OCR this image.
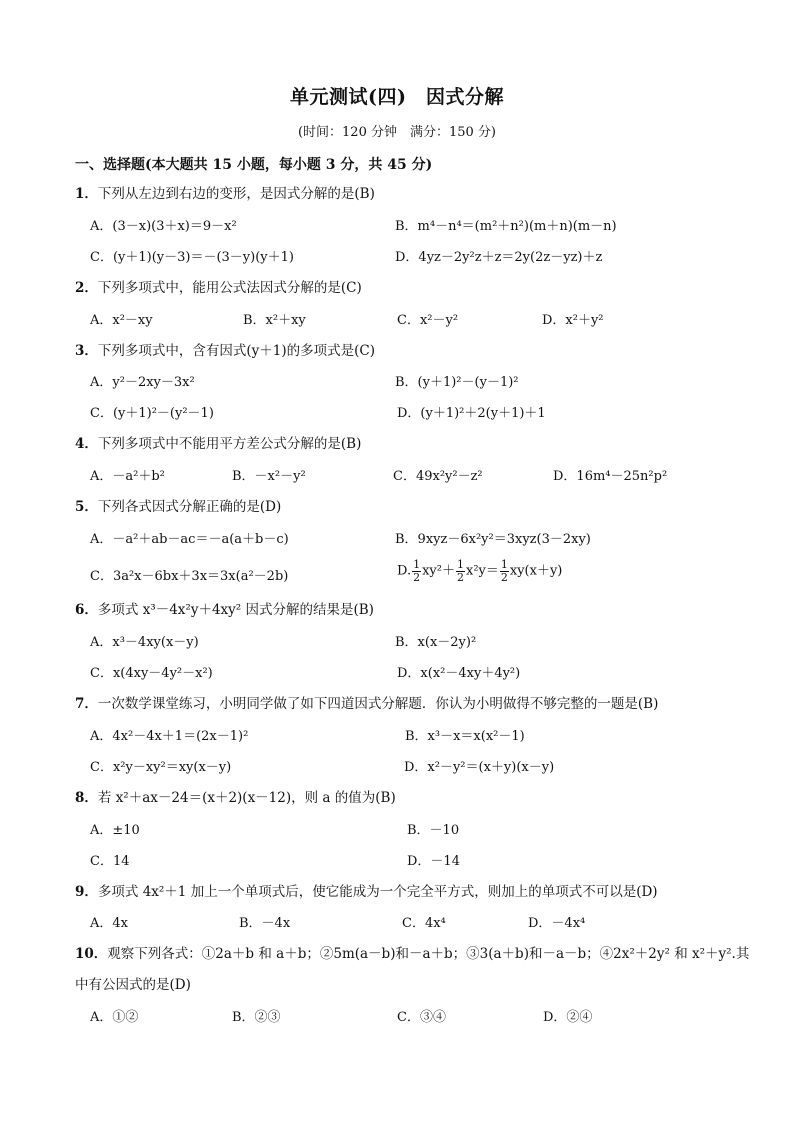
单元测试(四)　因式分解
(时间：120 分钟　满分：150 分)
一、选择题(本大题共 15 小题，每小题 3 分，共 45 分)
1．下列从左边到右边的变形，是因式分解的是(B)
A．(3－x)(3＋x)＝9－x²	B．m⁴－n⁴＝(m²＋n²)(m＋n)(m－n)
C．(y＋1)(y－3)＝－(3－y)(y＋1)	D．4yz－2y²z＋z＝2y(2z－yz)＋z
2．下列多项式中，能用公式法因式分解的是(C)
A．x²－xy	B．x²＋xy	C．x²－y²	D．x²＋y²
3．下列多项式中，含有因式(y＋1)的多项式是(C)
A．y²－2xy－3x²	B．(y＋1)²－(y－1)²
C．(y＋1)²－(y²－1)	D．(y＋1)²＋2(y＋1)＋1
4．下列多项式中不能用平方差公式分解的是(B)
A．－a²＋b²	B．－x²－y²	C．49x²y²－z²	D．16m⁴－25n²p²
5．下列各式因式分解正确的是(D)
A．－a²＋ab－ac＝－a(a＋b－c)	B．9xyz－6x²y²＝3xyz(3－2xy)
C．3a²x－6bx＋3x＝3x(a²－2b)	D. $\frac{1}{2} xy^2+ \frac{1}{2} x^2y= \frac{1}{2} xy(x+y)$
6．多项式 x³－4x²y＋4xy² 因式分解的结果是(B)
A．x³－4xy(x－y)	B．x(x－2y)²
C．x(4xy－4y²－x²)	D．x(x²－4xy＋4y²)
7．一次数学课堂练习，小明同学做了如下四道因式分解题．你认为小明做得不够完整的一题是(B)
A．4x²－4x＋1＝(2x－1)²	B．x³－x＝x(x²－1)
C．x²y－xy²＝xy(x－y)	D．x²－y²＝(x＋y)(x－y)
8．若 x²＋ax－24＝(x＋2)(x－12)，则 a 的值为(B)
A．±10	B．－10
C．14	D．－14
9．多项式 4x²＋1 加上一个单项式后，使它能成为一个完全平方式，则加上的单项式不可以是(D)
A．4x	B．－4x	C．4x⁴	D．－4x⁴
10．观察下列各式：①2a＋b 和 a＋b；②5m(a－b)和－a＋b；③3(a＋b)和－a－b；④2x²＋2y² 和 x²＋y².其
中有公因式的是(D)
A．①②	B．②③	C．③④	D．②④
